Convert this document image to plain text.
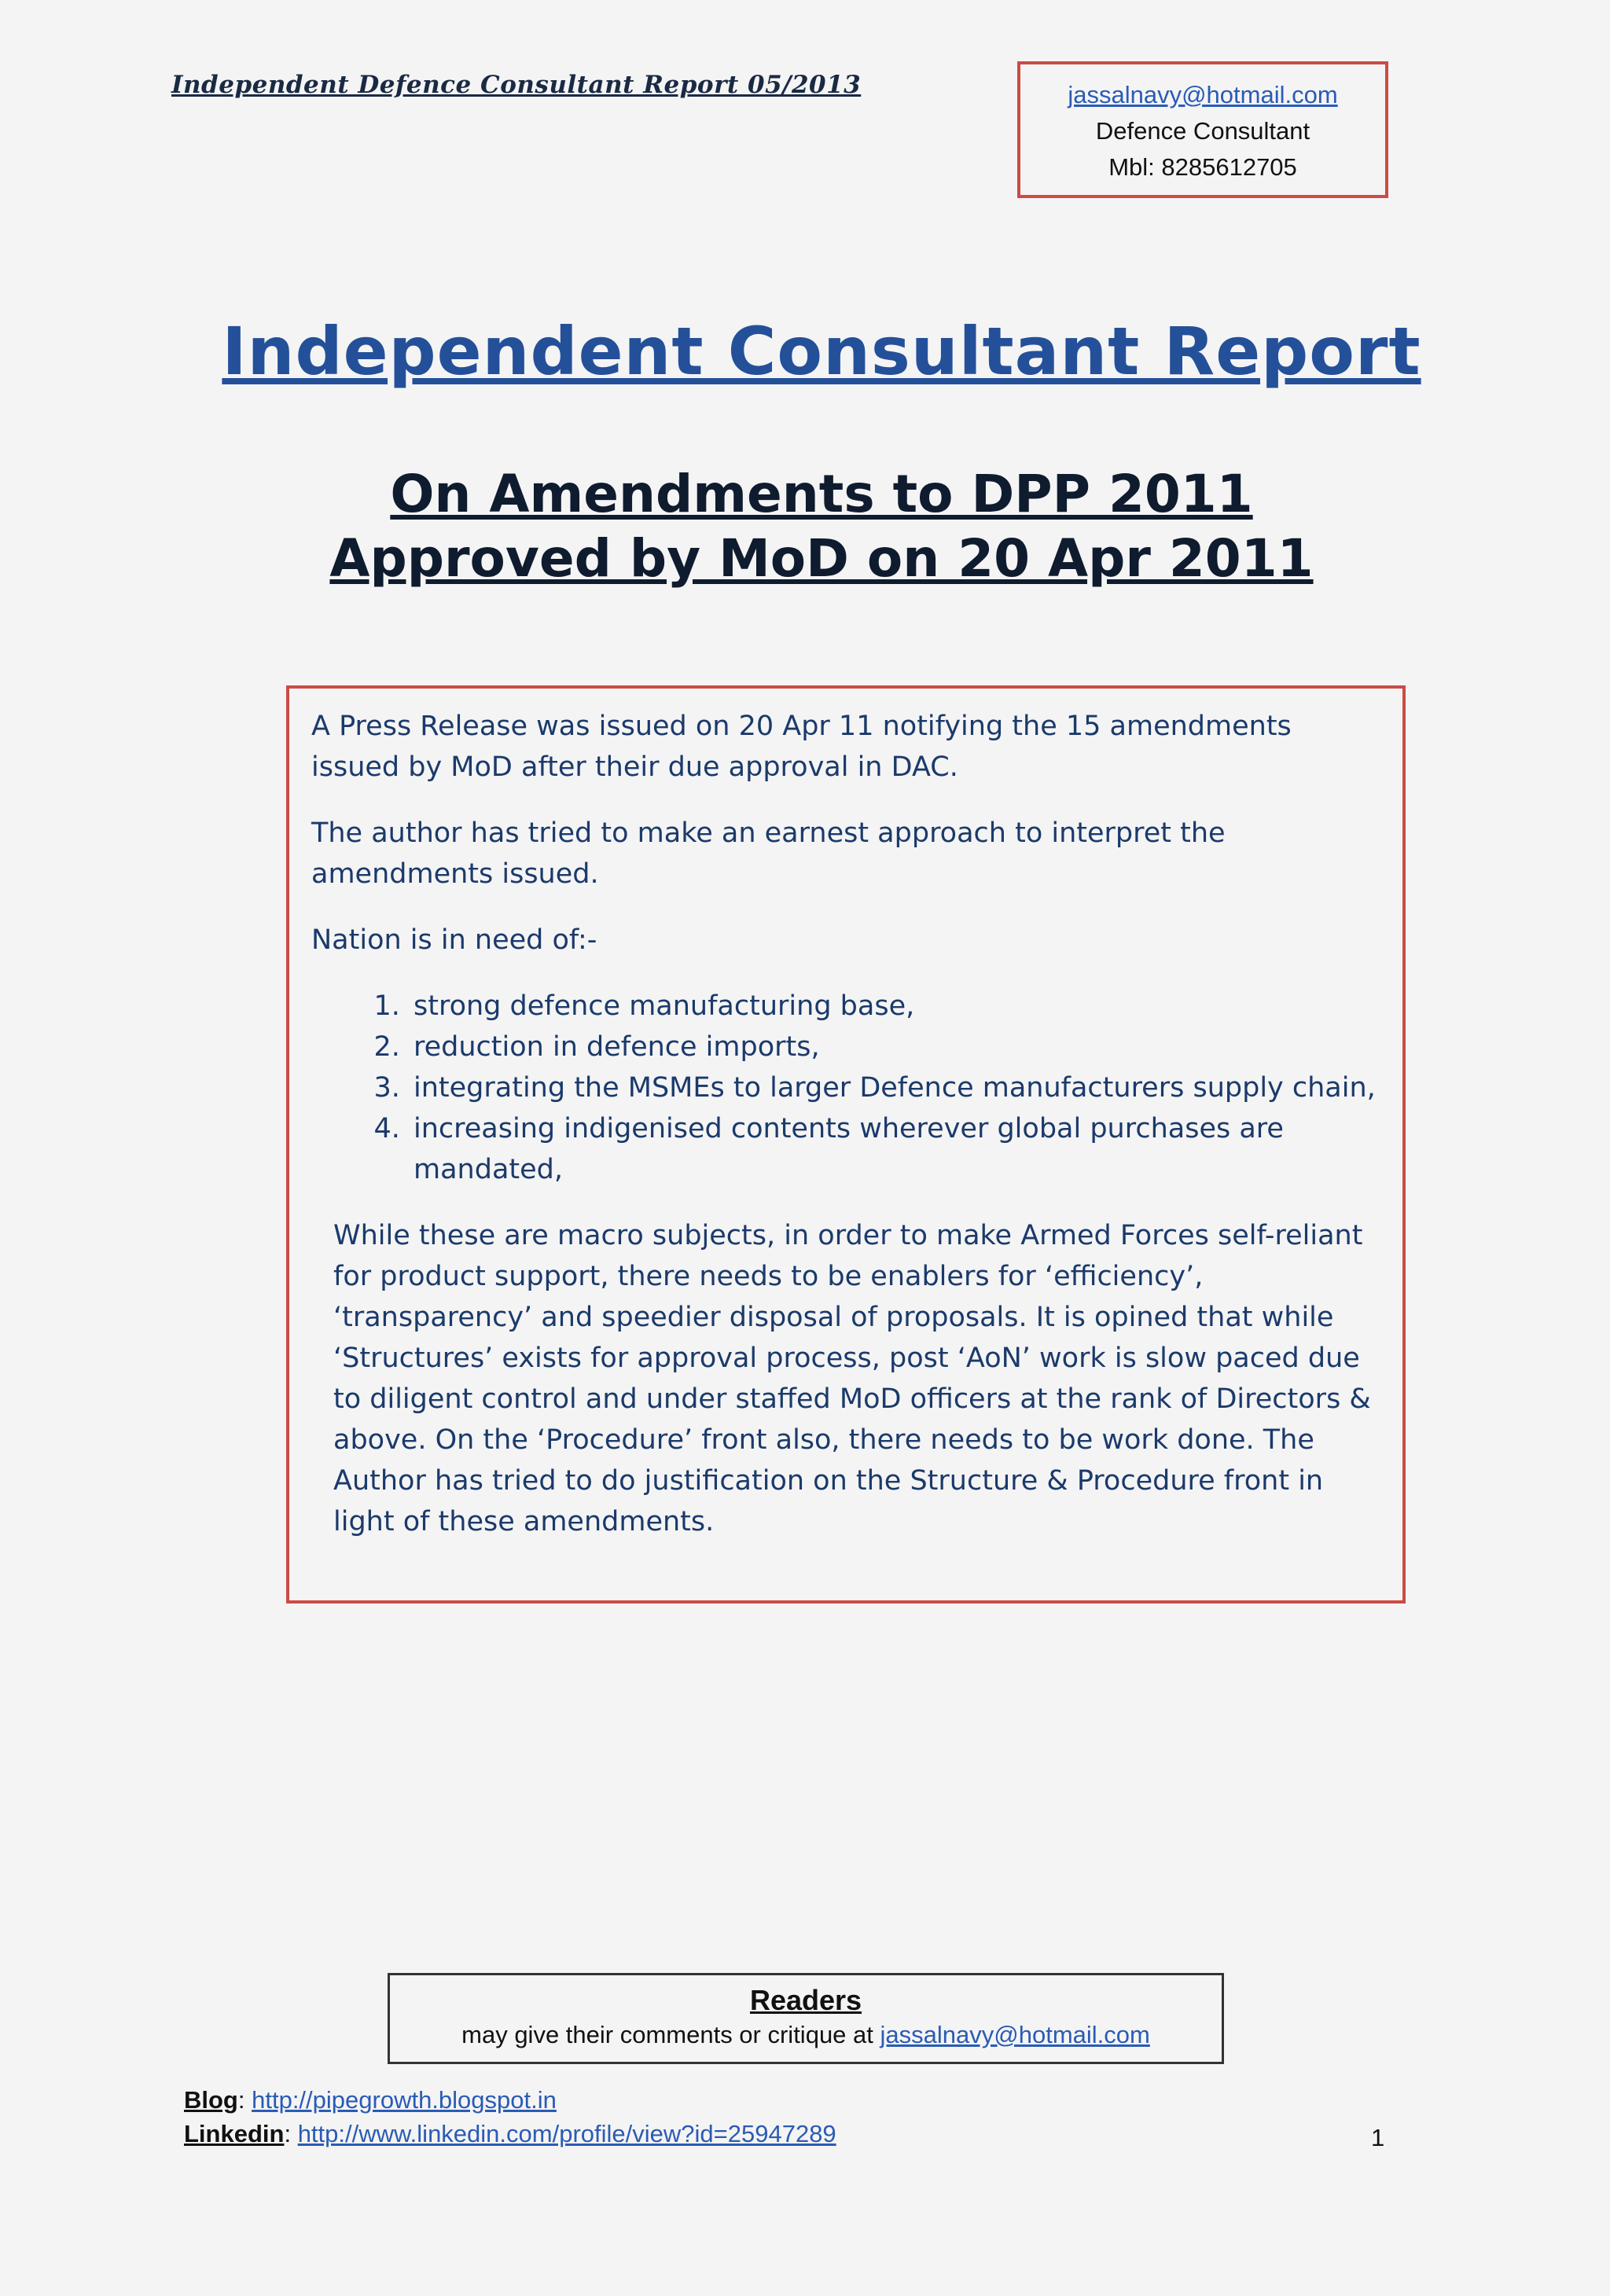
Independent Defence Consultant Report 05/2013	jassalnavy@hotmail.com
Defence Consultant
Mbl: 8285612705
Independent Consultant Report
On Amendments to DPP 2011
Approved by MoD on 20 Apr 2011

A Press Release was issued on 20 Apr 11 notifying the 15 amendments issued by MoD after their due approval in DAC.

The author has tried to make an earnest approach to interpret the amendments issued.

Nation is in need of:-

1. strong defence manufacturing base,
2. reduction in defence imports,
3. integrating the MSMEs to larger Defence manufacturers supply chain,
4. increasing indigenised contents wherever global purchases are mandated,

While these are macro subjects, in order to make Armed Forces self-reliant for product support, there needs to be enablers for ‘efficiency’, ‘transparency’ and speedier disposal of proposals. It is opined that while ‘Structures’ exists for approval process, post ‘AoN’ work is slow paced due to diligent control and under staffed MoD officers at the rank of Directors & above. On the ‘Procedure’ front also, there needs to be work done. The Author has tried to do justification on the Structure & Procedure front in light of these amendments.

Readers
may give their comments or critique at jassalnavy@hotmail.com
Blog: http://pipegrowth.blogspot.in
Linkedin: http://www.linkedin.com/profile/view?id=25947289	1
